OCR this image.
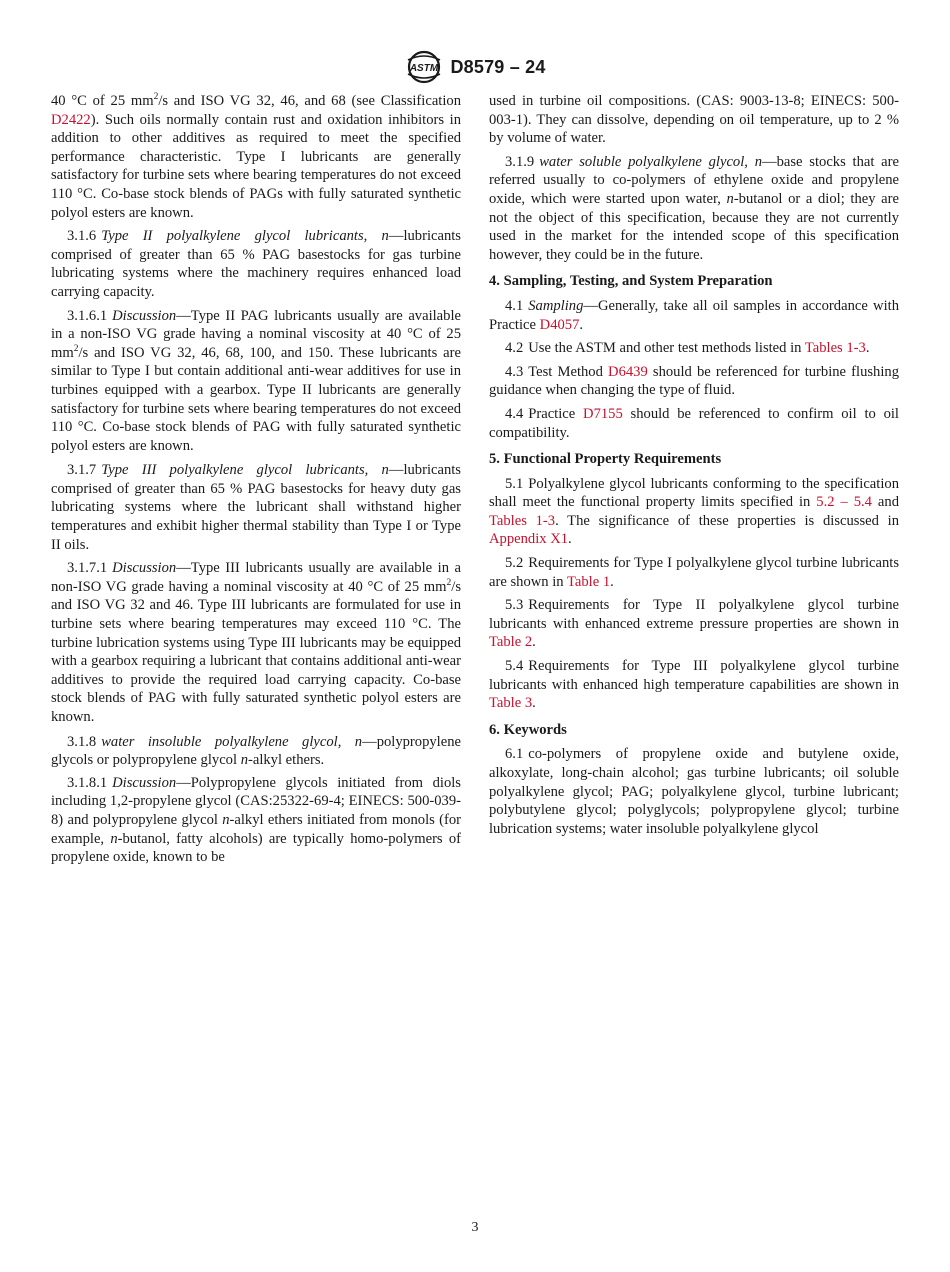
ASTM D8579 – 24

40 °C of 25 $mm^2/s$ and ISO VG 32, 46, and 68 (see Classification D2422). Such oils normally contain rust and oxidation inhibitors in addition to other additives as required to meet the specified performance characteristic. Type I lubricants are generally satisfactory for turbine sets where bearing temperatures do not exceed 110 °C. Co-base stock blends of PAGs with fully saturated synthetic polyol esters are known.

3.1.6 Type II polyalkylene glycol lubricants, n—lubricants comprised of greater than 65 % PAG basestocks for gas turbine lubricating systems where the machinery requires enhanced load carrying capacity.

3.1.6.1 Discussion—Type II PAG lubricants usually are available in a non-ISO VG grade having a nominal viscosity at 40 °C of 25 $mm^2/s$ and ISO VG 32, 46, 68, 100, and 150. These lubricants are similar to Type I but contain additional anti-wear additives for use in turbines equipped with a gearbox. Type II lubricants are generally satisfactory for turbine sets where bearing temperatures do not exceed 110 °C. Co-base stock blends of PAG with fully saturated synthetic polyol esters are known.

3.1.7 Type III polyalkylene glycol lubricants, n—lubricants comprised of greater than 65 % PAG basestocks for heavy duty gas lubricating systems where the lubricant shall withstand higher temperatures and exhibit higher thermal stability than Type I or Type II oils.

3.1.7.1 Discussion—Type III lubricants usually are available in a non-ISO VG grade having a nominal viscosity at 40 °C of 25 $mm^2/s$ and ISO VG 32 and 46. Type III lubricants are formulated for use in turbine sets where bearing temperatures may exceed 110 °C. The turbine lubrication systems using Type III lubricants may be equipped with a gearbox requiring a lubricant that contains additional anti-wear additives to provide the required load carrying capacity. Co-base stock blends of PAG with fully saturated synthetic polyol esters are known.

3.1.8 water insoluble polyalkylene glycol, n—polypropylene glycols or polypropylene glycol n-alkyl ethers.

3.1.8.1 Discussion—Polypropylene glycols initiated from diols including 1,2-propylene glycol (CAS:25322-69-4; EINECS: 500-039-8) and polypropylene glycol n-alkyl ethers initiated from monols (for example, n-butanol, fatty alcohols) are typically homo-polymers of propylene oxide, known to be

used in turbine oil compositions. (CAS: 9003-13-8; EINECS: 500- 003-1). They can dissolve, depending on oil temperature, up to 2 % by volume of water.

3.1.9 water soluble polyalkylene glycol, n—base stocks that are referred usually to co-polymers of ethylene oxide and propylene oxide, which were started upon water, n-butanol or a diol; they are not the object of this specification, because they are not currently used in the market for the intended scope of this specification however, they could be in the future.

4. Sampling, Testing, and System Preparation

4.1 Sampling—Generally, take all oil samples in accordance with Practice D4057.

4.2 Use the ASTM and other test methods listed in Tables 1-3.

4.3 Test Method D6439 should be referenced for turbine flushing guidance when changing the type of fluid.

4.4 Practice D7155 should be referenced to confirm oil to oil compatibility.

5. Functional Property Requirements

5.1 Polyalkylene glycol lubricants conforming to the specification shall meet the functional property limits specified in 5.2 – 5.4 and Tables 1-3. The significance of these properties is discussed in Appendix X1.

5.2 Requirements for Type I polyalkylene glycol turbine lubricants are shown in Table 1.

5.3 Requirements for Type II polyalkylene glycol turbine lubricants with enhanced extreme pressure properties are shown in Table 2.

5.4 Requirements for Type III polyalkylene glycol turbine lubricants with enhanced high temperature capabilities are shown in Table 3.

6. Keywords

6.1 co-polymers of propylene oxide and butylene oxide, alkoxylate, long-chain alcohol; gas turbine lubricants; oil soluble polyalkylene glycol; PAG; polyalkylene glycol, turbine lubricant; polybutylene glycol; polyglycols; polypropylene glycol; turbine lubrication systems; water insoluble polyalkylene glycol

3
